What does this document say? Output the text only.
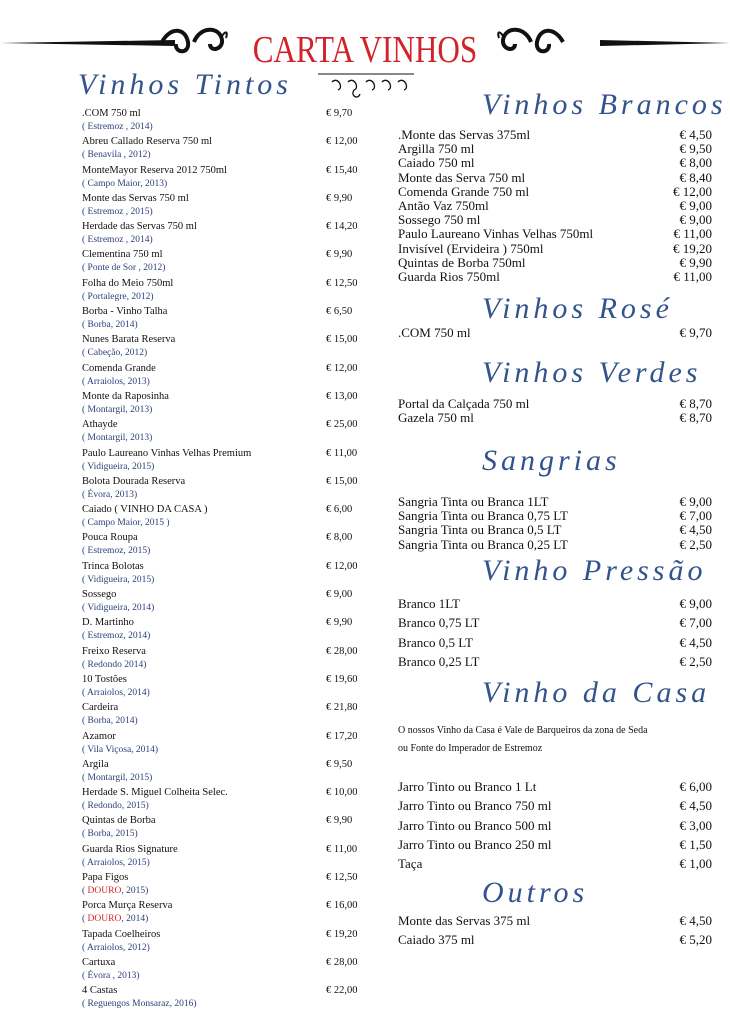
CARTA VINHOS
Vinhos Tintos
.COM 750 ml	€ 9,70
( Estremoz , 2014)
Abreu Callado Reserva 750 ml	€ 12,00
( Benavila , 2012)
MonteMayor Reserva 2012 750ml	€ 15,40
( Campo Maior, 2013)
Monte das Servas 750 ml	€ 9,90
( Estremoz , 2015)
Herdade das Servas 750 ml	€ 14,20
( Estremoz , 2014)
Clementina 750 ml	€ 9,90
( Ponte de Sor , 2012)
Folha do Meio 750ml	€ 12,50
( Portalegre, 2012)
Borba - Vinho Talha	€ 6,50
( Borba, 2014)
Nunes Barata Reserva	€ 15,00
( Cabeção, 2012)
Comenda Grande	€ 12,00
( Arraiolos, 2013)
Monte da Raposinha	€ 13,00
( Montargil, 2013)
Athayde	€ 25,00
( Montargil, 2013)
Paulo Laureano Vinhas Velhas Premium	€ 11,00
( Vidigueira, 2015)
Bolota Dourada Reserva	€ 15,00
( Évora, 2013)
Caiado ( VINHO DA CASA )	€ 6,00
( Campo Maior, 2015 )
Pouca Roupa	€ 8,00
( Estremoz, 2015)
Trinca Bolotas	€ 12,00
( Vidigueira, 2015)
Sossego	€ 9,00
( Vidigueira, 2014)
D. Martinho	€ 9,90
( Estremoz, 2014)
Freixo Reserva	€ 28,00
( Redondo 2014)
10 Tostões	€ 19,60
( Arraiolos, 2014)
Cardeira	€ 21,80
( Borba, 2014)
Azamor	€ 17,20
( Vila Viçosa, 2014)
Argila	€ 9,50
( Montargil, 2015)
Herdade S. Miguel Colheita Selec.	€ 10,00
( Redondo, 2015)
Quintas de Borba	€ 9,90
( Borba, 2015)
Guarda Rios Signature	€ 11,00
( Arraiolos, 2015)
Papa Figos	€ 12,50
( DOURO, 2015)
Porca Murça Reserva	€ 16,00
( DOURO, 2014)
Tapada Coelheiros	€ 19,20
( Arraiolos, 2012)
Cartuxa	€ 28,00
( Évora , 2013)
4 Castas	€ 22,00
( Reguengos Monsaraz, 2016)
Vinhos Brancos
.Monte das Servas 375ml	€ 4,50
Argilla 750 ml	€ 9,50
Caiado 750 ml	€ 8,00
Monte das Serva 750 ml	€ 8,40
Comenda Grande 750 ml	€ 12,00
Antão Vaz 750ml	€ 9,00
Sossego 750 ml	€ 9,00
Paulo Laureano Vinhas Velhas 750ml	€ 11,00
Invisível (Ervideira ) 750ml	€ 19,20
Quintas de Borba 750ml	€ 9,90
Guarda Rios 750ml	€ 11,00
Vinhos Rosé
.COM 750 ml	€ 9,70
Vinhos Verdes
Portal da Calçada 750 ml	€ 8,70
Gazela 750 ml	€ 8,70
Sangrias
Sangria Tinta ou Branca 1LT	€ 9,00
Sangria Tinta ou Branca 0,75 LT	€ 7,00
Sangria Tinta ou Branca 0,5 LT	€ 4,50
Sangria Tinta ou Branca 0,25 LT	€ 2,50
Vinho Pressão
Branco 1LT	€ 9,00
Branco 0,75 LT	€ 7,00
Branco 0,5 LT	€ 4,50
Branco 0,25 LT	€ 2,50
Vinho da Casa
O nossos Vinho da Casa é Vale de Barqueiros da zona de Seda
ou Fonte do Imperador de Estremoz
Jarro Tinto ou Branco 1 Lt	€ 6,00
Jarro Tinto ou Branco 750 ml	€ 4,50
Jarro Tinto ou Branco 500 ml	€ 3,00
Jarro Tinto ou Branco 250 ml	€ 1,50
Taça	€ 1,00
Outros
Monte das Servas 375 ml	€ 4,50
Caiado 375 ml	€ 5,20
